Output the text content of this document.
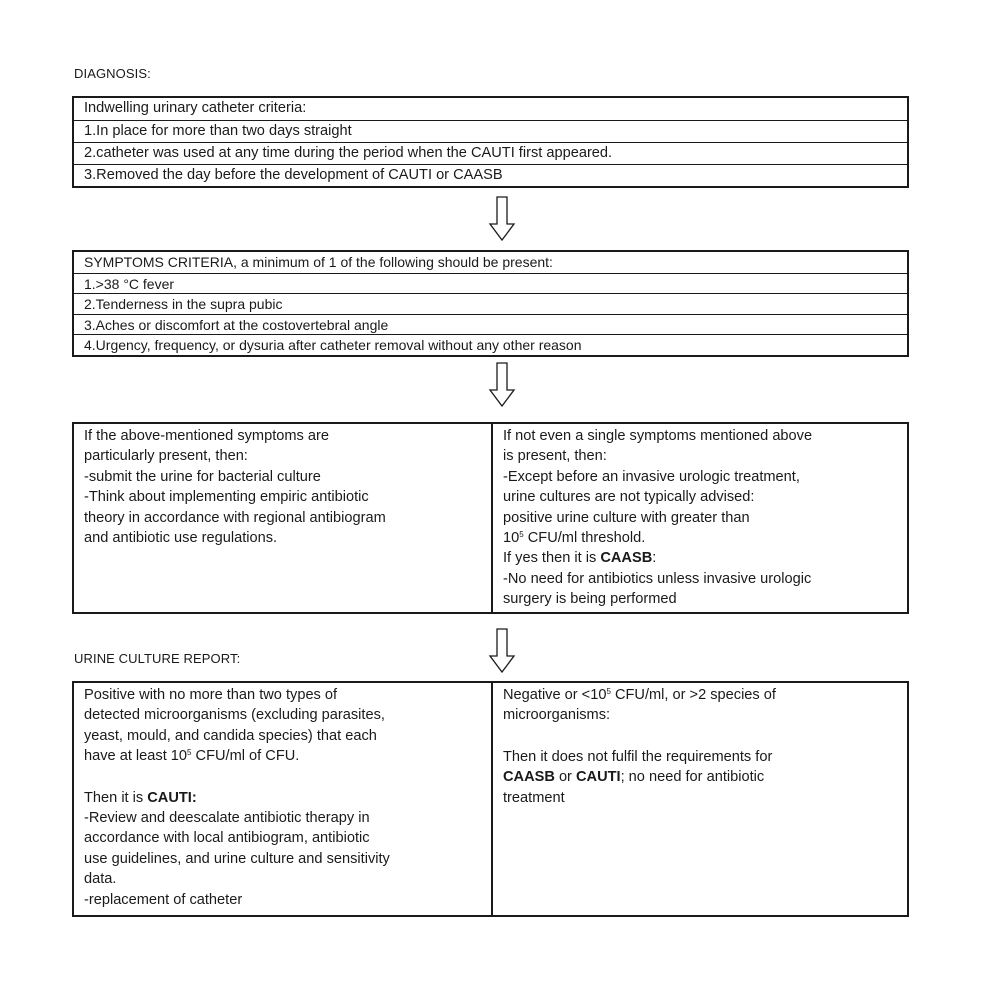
DIAGNOSIS:
Indwelling urinary catheter criteria:
1.In place for more than two days straight
2.catheter was used at any time during the period when the CAUTI first appeared.
3.Removed the day before the development of CAUTI or CAASB
SYMPTOMS CRITERIA, a minimum of 1 of the following should be present:
1.>38 °C fever
2.Tenderness in the supra pubic
3.Aches or discomfort at the costovertebral angle
4.Urgency, frequency, or dysuria after catheter removal without any other reason
If the above-mentioned symptoms are
particularly present, then:
-submit the urine for bacterial culture
-Think about implementing empiric antibiotic
theory in accordance with regional antibiogram
and antibiotic use regulations.
If not even a single symptoms mentioned above
is present, then:
-Except before an invasive urologic treatment,
urine cultures are not typically advised:
positive urine culture with greater than
$10^5$ CFU/ml threshold.
If yes then it is CAASB:
-No need for antibiotics unless invasive urologic
surgery is being performed
URINE CULTURE REPORT:
Positive with no more than two types of
detected microorganisms (excluding parasites,
yeast, mould, and candida species) that each
have at least $10^5$ CFU/ml of CFU.
Then it is CAUTI:
-Review and deescalate antibiotic therapy in
accordance with local antibiogram, antibiotic
use guidelines, and urine culture and sensitivity
data.
-replacement of catheter
Negative or $<10^5$ CFU/ml, or >2 species of
microorganisms:
Then it does not fulfil the requirements for
CAASB or CAUTI; no need for antibiotic
treatment
